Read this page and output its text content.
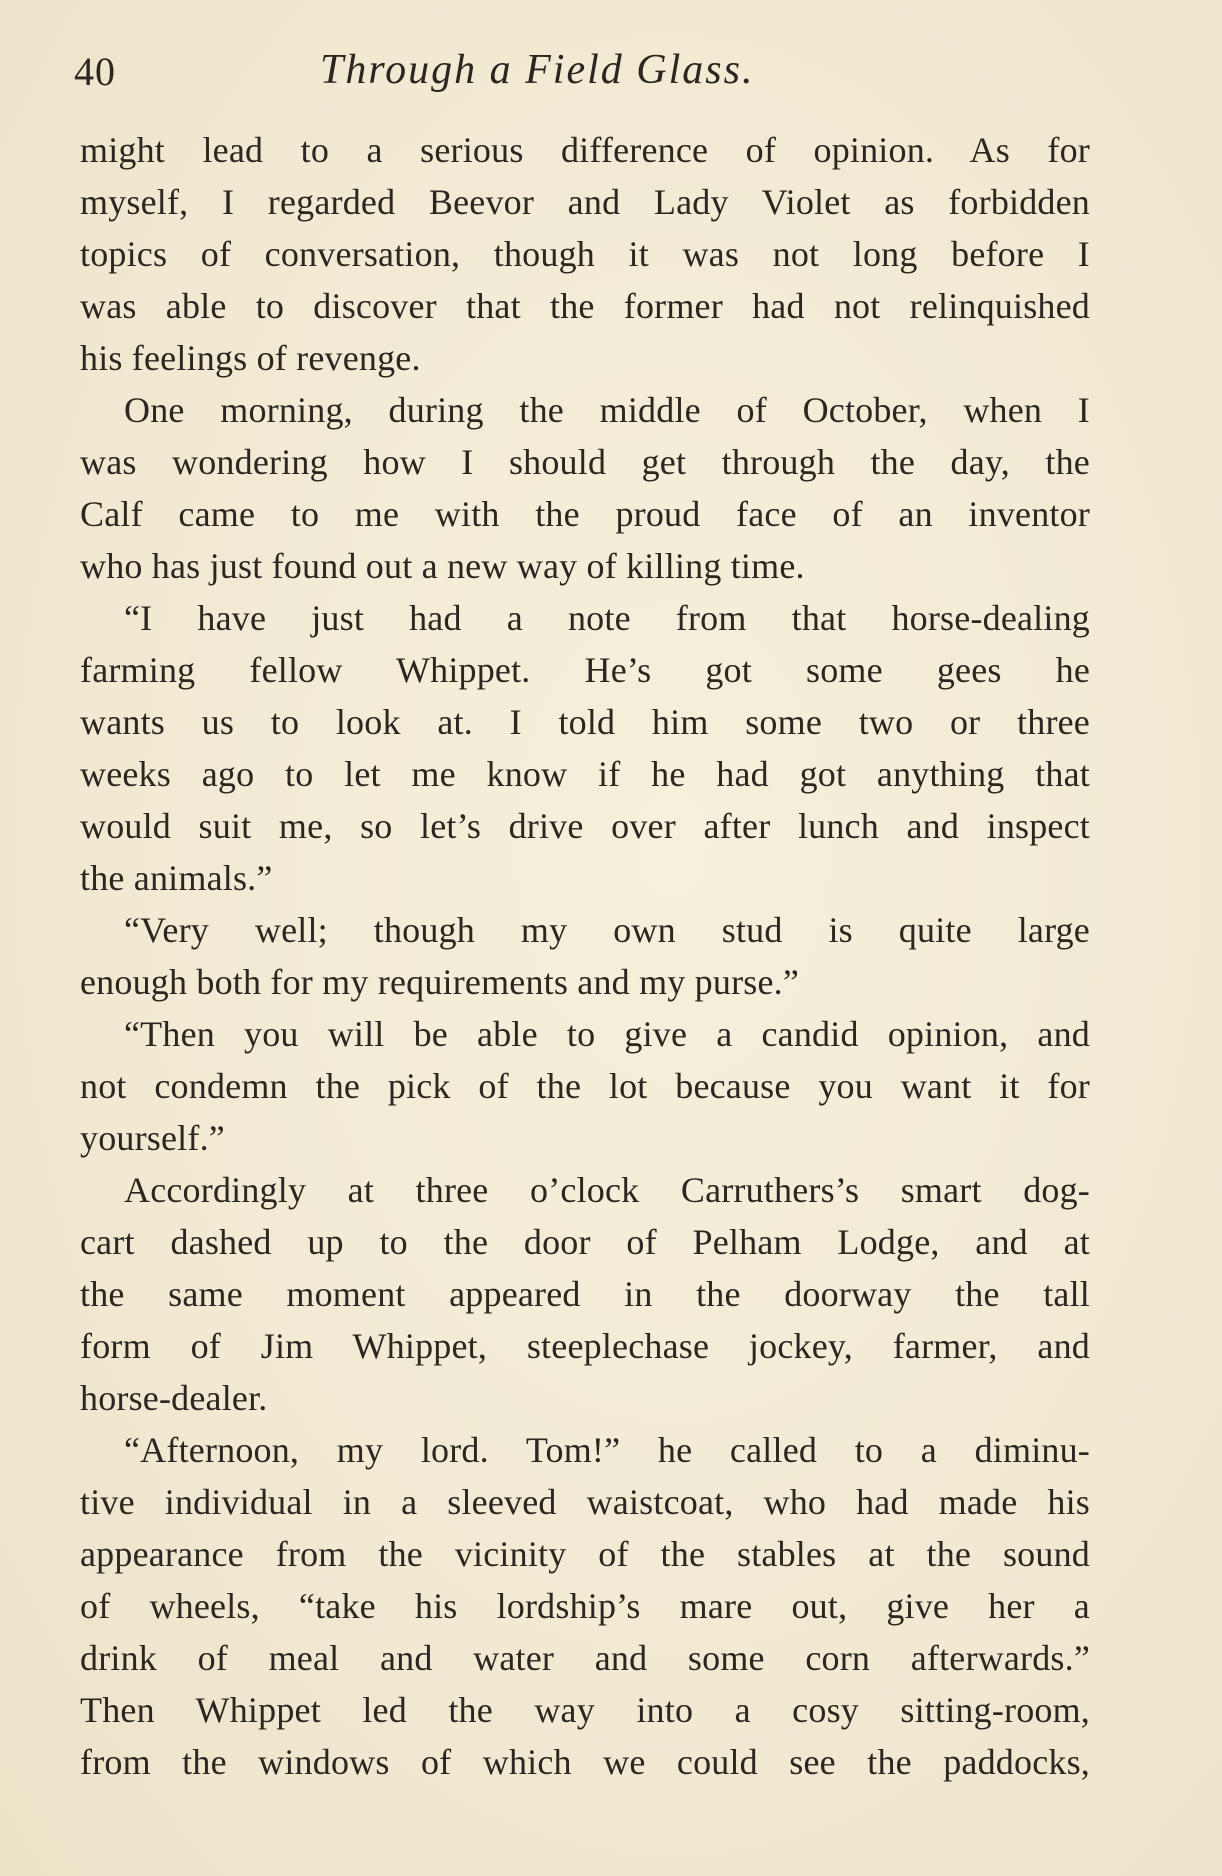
40	Through a Field Glass.
might lead to a serious difference of opinion. As for
myself, I regarded Beevor and Lady Violet as forbidden
topics of conversation, though it was not long before I
was able to discover that the former had not relinquished
his feelings of revenge.
One morning, during the middle of October, when I
was wondering how I should get through the day, the
Calf came to me with the proud face of an inventor
who has just found out a new way of killing time.
“I have just had a note from that horse-dealing
farming fellow Whippet. He’s got some gees he
wants us to look at. I told him some two or three
weeks ago to let me know if he had got anything that
would suit me, so let’s drive over after lunch and inspect
the animals.”
“Very well; though my own stud is quite large
enough both for my requirements and my purse.”
“Then you will be able to give a candid opinion, and
not condemn the pick of the lot because you want it for
yourself.”
Accordingly at three o’clock Carruthers’s smart dog-
cart dashed up to the door of Pelham Lodge, and at
the same moment appeared in the doorway the tall
form of Jim Whippet, steeplechase jockey, farmer, and
horse-dealer.
“Afternoon, my lord. Tom!” he called to a diminu-
tive individual in a sleeved waistcoat, who had made his
appearance from the vicinity of the stables at the sound
of wheels, “take his lordship’s mare out, give her a
drink of meal and water and some corn afterwards.”
Then Whippet led the way into a cosy sitting-room,
from the windows of which we could see the paddocks,
